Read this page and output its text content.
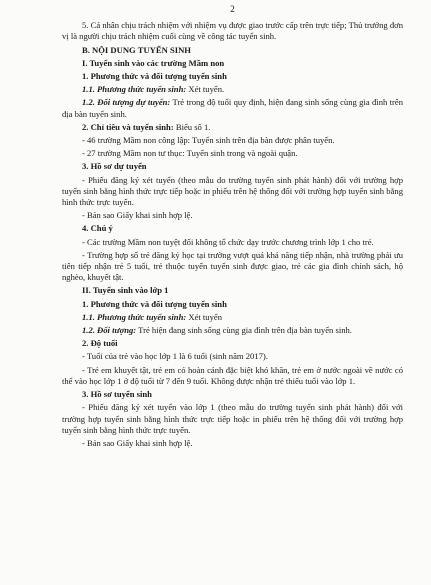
2

5. Cá nhân chịu trách nhiệm với nhiệm vụ được giao trước cấp trên trực tiếp; Thủ trưởng đơn vị là người chịu trách nhiệm cuối cùng về công tác tuyển sinh.

B. NỘI DUNG TUYỂN SINH

I. Tuyển sinh vào các trường Mầm non

1. Phương thức và đối tượng tuyển sinh

1.1. Phương thức tuyển sinh: Xét tuyển.

1.2. Đối tượng dự tuyển: Trẻ trong độ tuổi quy định, hiện đang sinh sống cùng gia đình trên địa bàn tuyển sinh.

2. Chỉ tiêu và tuyển sinh: Biểu số 1.

- 46 trường Mầm non công lập: Tuyển sinh trên địa bàn được phân tuyến.

- 27 trường Mầm non tư thục: Tuyển sinh trong và ngoài quận.

3. Hồ sơ dự tuyển

- Phiếu đăng ký xét tuyển (theo mẫu do trường tuyển sinh phát hành) đối với trường hợp tuyển sinh bằng hình thức trực tiếp hoặc in phiếu trên hệ thống đối với trường hợp tuyển sinh bằng hình thức trực tuyến.

- Bản sao Giấy khai sinh hợp lệ.

4. Chú ý

- Các trường Mầm non tuyệt đối không tổ chức dạy trước chương trình lớp 1 cho trẻ.

- Trường hợp số trẻ đăng ký học tại trường vượt quá khả năng tiếp nhận, nhà trường phải ưu tiên tiếp nhận trẻ 5 tuổi, trẻ thuộc tuyến tuyển sinh được giao, trẻ các gia đình chính sách, hộ nghèo, khuyết tật.

II. Tuyển sinh vào lớp 1

1. Phương thức và đối tượng tuyển sinh

1.1. Phương thức tuyển sinh: Xét tuyển

1.2. Đối tượng: Trẻ hiện đang sinh sống cùng gia đình trên địa bàn tuyển sinh.

2. Độ tuổi

- Tuổi của trẻ vào học lớp 1 là 6 tuổi (sinh năm 2017).

- Trẻ em khuyết tật, trẻ em có hoàn cảnh đặc biệt khó khăn, trẻ em ở nước ngoài về nước có thể vào học lớp 1 ở độ tuổi từ 7 đến 9 tuổi. Không được nhận trẻ thiếu tuổi vào lớp 1.

3. Hồ sơ tuyển sinh

- Phiếu đăng ký xét tuyển vào lớp 1 (theo mẫu do trường tuyển sinh phát hành) đối với trường hợp tuyển sinh bằng hình thức trực tiếp hoặc in phiếu trên hệ thống đối với trường hợp tuyển sinh bằng hình thức trực tuyến.

- Bản sao Giấy khai sinh hợp lệ.
